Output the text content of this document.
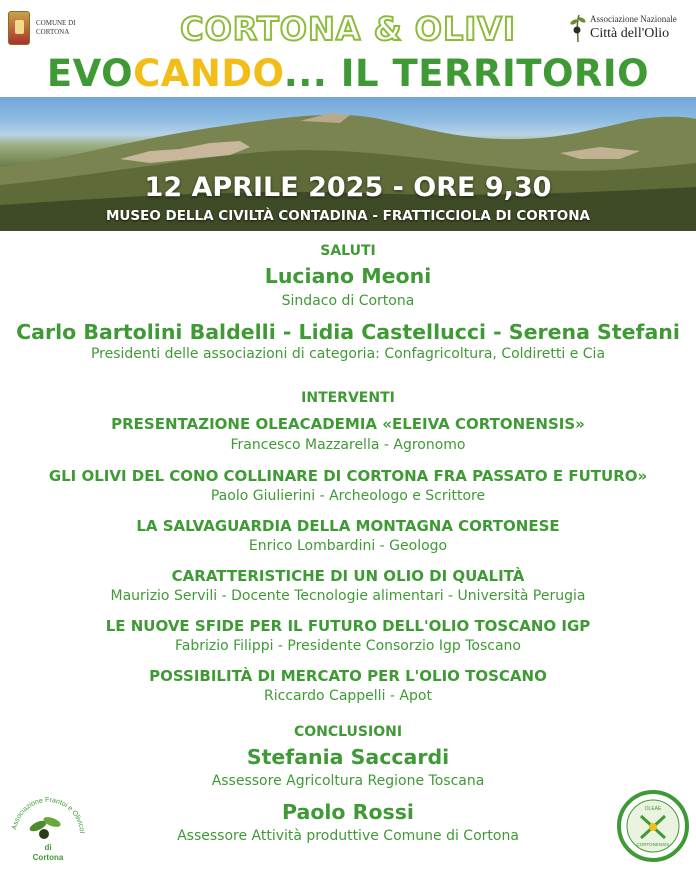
COMUNE DI
CORTONA
Associazione Nazionale
Città dell'Olio
CORTONA & OLIVI
EVOCANDO... IL TERRITORIO
12 APRILE 2025 - ORE 9,30
MUSEO DELLA CIVILTÀ CONTADINA - FRATTICCIOLA DI CORTONA
SALUTI
Luciano Meoni
Sindaco di Cortona
Carlo Bartolini Baldelli - Lidia Castellucci - Serena Stefani
Presidenti delle associazioni di categoria: Confagricoltura, Coldiretti e Cia
INTERVENTI
PRESENTAZIONE OLEACADEMIA «ELEIVA CORTONENSIS»
Francesco Mazzarella - Agronomo
GLI OLIVI DEL CONO COLLINARE DI CORTONA FRA PASSATO E FUTURO»
Paolo Giulierini - Archeologo e Scrittore
LA SALVAGUARDIA DELLA MONTAGNA CORTONESE
Enrico Lombardini - Geologo
CARATTERISTICHE DI UN OLIO DI QUALITÀ
Maurizio Servili - Docente Tecnologie alimentari - Università Perugia
LE NUOVE SFIDE PER IL FUTURO DELL'OLIO TOSCANO IGP
Fabrizio Filippi - Presidente Consorzio Igp Toscano
POSSIBILITÀ DI MERCATO PER L'OLIO TOSCANO
Riccardo Cappelli - Apot
CONCLUSIONI
Stefania Saccardi
Assessore Agricoltura Regione Toscana
Paolo Rossi
Assessore Attività produttive Comune di Cortona
Associazione Frantoi e Olivicol
di
Cortona
OLEAE
CORTONENSIS
